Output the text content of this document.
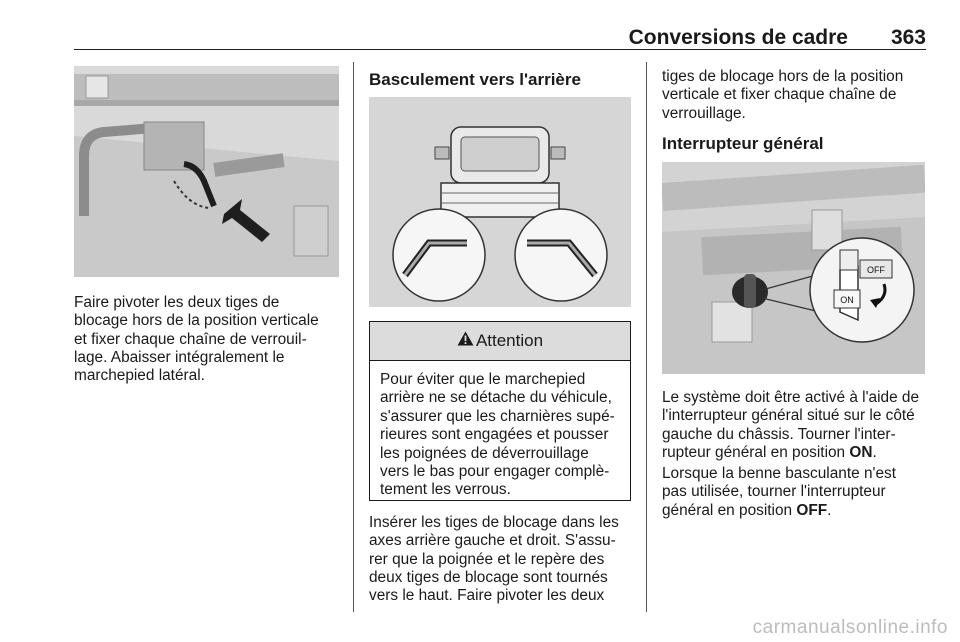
Conversions de cadre	363

Faire pivoter les deux tiges de
blocage hors de la position verticale
et fixer chaque chaîne de verrouil-
lage. Abaisser intégralement le
marchepied latéral.

Basculement vers l'arrière
Attention

Pour éviter que le marchepied
arrière ne se détache du véhicule,
s'assurer que les charnières supé-
rieures sont engagées et pousser
les poignées de déverrouillage
vers le bas pour engager complè-
tement les verrous.

Insérer les tiges de blocage dans les
axes arrière gauche et droit. S'assu-
rer que la poignée et le repère des
deux tiges de blocage sont tournés
vers le haut. Faire pivoter les deux

tiges de blocage hors de la position
verticale et fixer chaque chaîne de
verrouillage.

Interrupteur général
OFF
ON

Le système doit être activé à l'aide de
l'interrupteur général situé sur le côté
gauche du châssis. Tourner l'inter-
rupteur général en position ON.

Lorsque la benne basculante n'est
pas utilisée, tourner l'interrupteur
général en position OFF.

carmanualsonline.info
